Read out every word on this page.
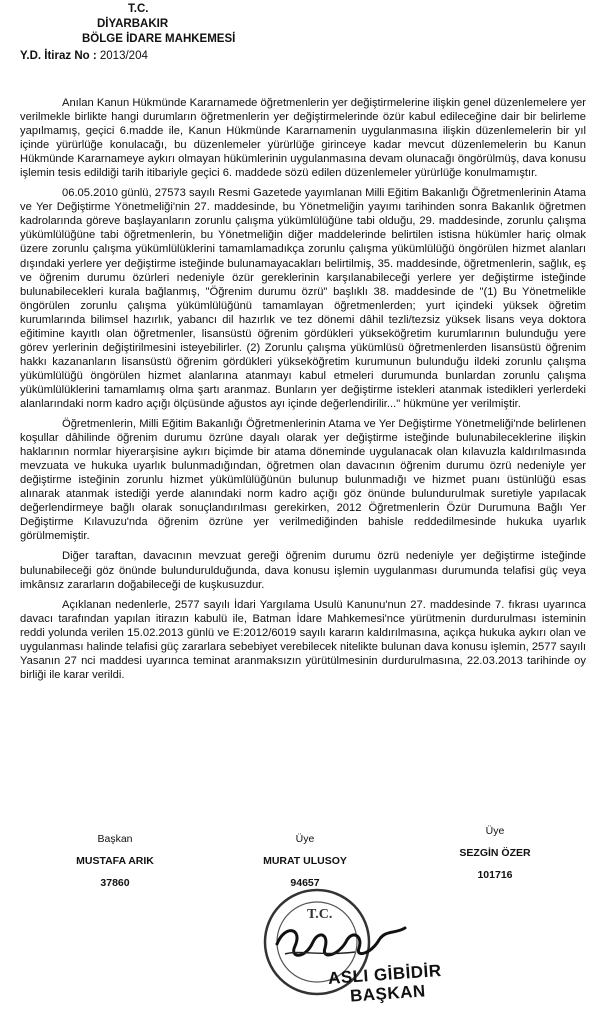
T.C.
DİYARBAKIR
BÖLGE İDARE MAHKEMESİ
Y.D. İtiraz No : 2013/204

Anılan Kanun Hükmünde Kararnamede öğretmenlerin yer değiştirmelerine ilişkin genel düzenlemelere yer verilmekle birlikte hangi durumların öğretmenlerin yer değiştirmelerinde özür kabul edileceğine dair bir belirleme yapılmamış, geçici 6.madde ile, Kanun Hükmünde Kararnamenin uygulanmasına ilişkin düzenlemelerin bir yıl içinde yürürlüğe konulacağı, bu düzenlemeler yürürlüğe girinceye kadar mevcut düzenlemelerin bu Kanun Hükmünde Kararnameye aykırı olmayan hükümlerinin uygulanmasına devam olunacağı öngörülmüş, dava konusu işlemin tesis edildiği tarih itibariyle geçici 6. maddede sözü edilen düzenlemeler yürürlüğe konulmamıştır.

06.05.2010 günlü, 27573 sayılı Resmi Gazetede yayımlanan Milli Eğitim Bakanlığı Öğretmenlerinin Atama ve Yer Değiştirme Yönetmeliği'nin 27. maddesinde, bu Yönetmeliğin yayımı tarihinden sonra Bakanlık öğretmen kadrolarında göreve başlayanların zorunlu çalışma yükümlülüğüne tabi olduğu, 29. maddesinde, zorunlu çalışma yükümlülüğüne tabi öğretmenlerin, bu Yönetmeliğin diğer maddelerinde belirtilen istisna hükümler hariç olmak üzere zorunlu çalışma yükümlülüklerini tamamlamadıkça zorunlu çalışma yükümlülüğü öngörülen hizmet alanları dışındaki yerlere yer değiştirme isteğinde bulunamayacakları belirtilmiş, 35. maddesinde, öğretmenlerin, sağlık, eş ve öğrenim durumu özürleri nedeniyle özür gereklerinin karşılanabileceği yerlere yer değiştirme isteğinde bulunabilecekleri kurala bağlanmış, "Öğrenim durumu özrü" başlıklı 38. maddesinde de "(1) Bu Yönetmelikle öngörülen zorunlu çalışma yükümlülüğünü tamamlayan öğretmenlerden; yurt içindeki yüksek öğretim kurumlarında bilimsel hazırlık, yabancı dil hazırlık ve tez dönemi dâhil tezli/tezsiz yüksek lisans veya doktora eğitimine kayıtlı olan öğretmenler, lisansüstü öğrenim gördükleri yükseköğretim kurumlarının bulunduğu yere görev yerlerinin değiştirilmesini isteyebilirler. (2) Zorunlu çalışma yükümlüsü öğretmenlerden lisansüstü öğrenim hakkı kazananların lisansüstü öğrenim gördükleri yükseköğretim kurumunun bulunduğu ildeki zorunlu çalışma yükümlülüğü öngörülen hizmet alanlarına atanmayı kabul etmeleri durumunda bunlardan zorunlu çalışma yükümlülüklerini tamamlamış olma şartı aranmaz. Bunların yer değiştirme istekleri atanmak istedikleri yerlerdeki alanlarındaki norm kadro açığı ölçüsünde ağustos ayı içinde değerlendirilir..." hükmüne yer verilmiştir.

Öğretmenlerin, Milli Eğitim Bakanlığı Öğretmenlerinin Atama ve Yer Değiştirme Yönetmeliği'nde belirlenen koşullar dâhilinde öğrenim durumu özrüne dayalı olarak yer değiştirme isteğinde bulunabileceklerine ilişkin haklarının normlar hiyerarşisine aykırı biçimde bir atama döneminde uygulanacak olan kılavuzla kaldırılmasında mevzuata ve hukuka uyarlık bulunmadığından, öğretmen olan davacının öğrenim durumu özrü nedeniyle yer değiştirme isteğinin zorunlu hizmet yükümlülüğünün bulunup bulunmadığı ve hizmet puanı üstünlüğü esas alınarak atanmak istediği yerde alanındaki norm kadro açığı göz önünde bulundurulmak suretiyle yapılacak değerlendirmeye bağlı olarak sonuçlandırılması gerekirken, 2012 Öğretmenlerin Özür Durumuna Bağlı Yer Değiştirme Kılavuzu'nda öğrenim özrüne yer verilmediğinden bahisle reddedilmesinde hukuka uyarlık görülmemiştir.

Diğer taraftan, davacının mevzuat gereği öğrenim durumu özrü nedeniyle yer değiştirme isteğinde bulunabileceği göz önünde bulundurulduğunda, dava konusu işlemin uygulanması durumunda telafisi güç veya imkânsız zararların doğabileceği de kuşkusuzdur.

Açıklanan nedenlerle, 2577 sayılı İdari Yargılama Usulü Kanunu'nun 27. maddesinde 7. fıkrası uyarınca davacı tarafından yapılan itirazın kabulü ile, Batman İdare Mahkemesi'nce yürütmenin durdurulması isteminin reddi yolunda verilen 15.02.2013 günlü ve E:2012/6019 sayılı kararın kaldırılmasına, açıkça hukuka aykırı olan ve uygulanması halinde telafisi güç zararlara sebebiyet verebilecek nitelikte bulunan dava konusu işlemin, 2577 sayılı Yasanın 27 nci maddesi uyarınca teminat aranmaksızın yürütülmesinin durdurulmasına, 22.03.2013 tarihinde oy birliği ile karar verildi.

Başkan
MUSTAFA ARIK
37860
Üye
MURAT ULUSOY
94657
Üye
SEZGİN ÖZER
101716
T.C.
ASLI GİBİDİR
BAŞKAN
